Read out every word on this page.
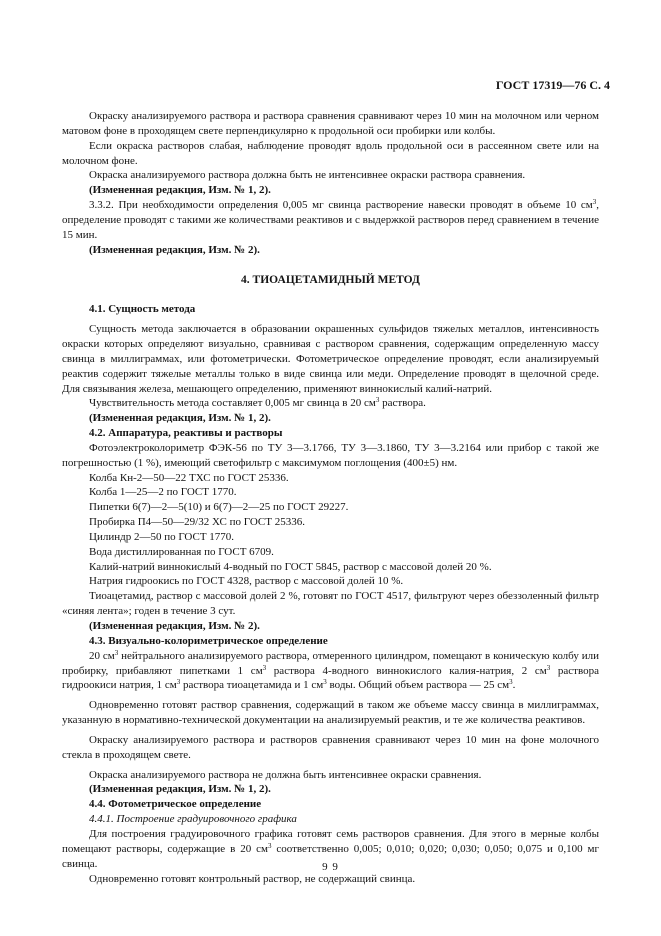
ГОСТ 17319—76 С. 4

Окраску анализируемого раствора и раствора сравнения сравнивают через 10 мин на молочном или черном матовом фоне в проходящем свете перпендикулярно к продольной оси пробирки или колбы.

Если окраска растворов слабая, наблюдение проводят вдоль продольной оси в рассеянном свете или на молочном фоне.

Окраска анализируемого раствора должна быть не интенсивнее окраски раствора сравнения.

(Измененная редакция, Изм. № 1, 2).

3.3.2. При необходимости определения 0,005 мг свинца растворение навески проводят в объеме 10 $см^3$, определение проводят с такими же количествами реактивов и с выдержкой растворов перед сравнением в течение 15 мин.

(Измененная редакция, Изм. № 2).

4. ТИОАЦЕТАМИДНЫЙ МЕТОД

4.1. Сущность метода

Сущность метода заключается в образовании окрашенных сульфидов тяжелых металлов, интенсивность окраски которых определяют визуально, сравнивая с раствором сравнения, содержащим определенную массу свинца в миллиграммах, или фотометрически. Фотометрическое определение проводят, если анализируемый реактив содержит тяжелые металлы только в виде свинца или меди. Определение проводят в щелочной среде. Для связывания железа, мешающего определению, применяют виннокислый калий-натрий.

Чувствительность метода составляет 0,005 мг свинца в 20 $см^3$ раствора.

(Измененная редакция, Изм. № 1, 2).

4.2. Аппаратура, реактивы и растворы

Фотоэлектроколориметр ФЭК-56 по ТУ 3—3.1766, ТУ 3—3.1860, ТУ 3—3.2164 или прибор с такой же погрешностью (1 %), имеющий светофильтр с максимумом поглощения (400±5) нм.

Колба Кн-2—50—22 ТХС по ГОСТ 25336.

Колба 1—25—2 по ГОСТ 1770.

Пипетки 6(7)—2—5(10) и 6(7)—2—25 по ГОСТ 29227.

Пробирка П4—50—29/32 ХС по ГОСТ 25336.

Цилиндр 2—50 по ГОСТ 1770.

Вода дистиллированная по ГОСТ 6709.

Калий-натрий виннокислый 4-водный по ГОСТ 5845, раствор с массовой долей 20 %.

Натрия гидроокись по ГОСТ 4328, раствор с массовой долей 10 %.

Тиоацетамид, раствор с массовой долей 2 %, готовят по ГОСТ 4517, фильтруют через обеззоленный фильтр «синяя лента»; годен в течение 3 сут.

(Измененная редакция, Изм. № 2).

4.3. Визуально-колориметрическое определение

20 $см^3$ нейтрального анализируемого раствора, отмеренного цилиндром, помещают в коническую колбу или пробирку, прибавляют пипетками 1 $см^3$ раствора 4-водного виннокислого калия-натрия, 2 $см^3$ раствора гидроокиси натрия, 1 $см^3$ раствора тиоацетамида и 1 $см^3$ воды. Общий объем раствора — 25 $см^3$.

Одновременно готовят раствор сравнения, содержащий в таком же объеме массу свинца в миллиграммах, указанную в нормативно-технической документации на анализируемый реактив, и те же количества реактивов.

Окраску анализируемого раствора и растворов сравнения сравнивают через 10 мин на фоне молочного стекла в проходящем свете.

Окраска анализируемого раствора не должна быть интенсивнее окраски сравнения.

(Измененная редакция, Изм. № 1, 2).

4.4. Фотометрическое определение

4.4.1. Построение градуировочного графика

Для построения градуировочного графика готовят семь растворов сравнения. Для этого в мерные колбы помещают растворы, содержащие в 20 $см^3$ соответственно 0,005; 0,010; 0,020; 0,030; 0,050; 0,075 и 0,100 мг свинца.

Одновременно готовят контрольный раствор, не содержащий свинца.

9 9
